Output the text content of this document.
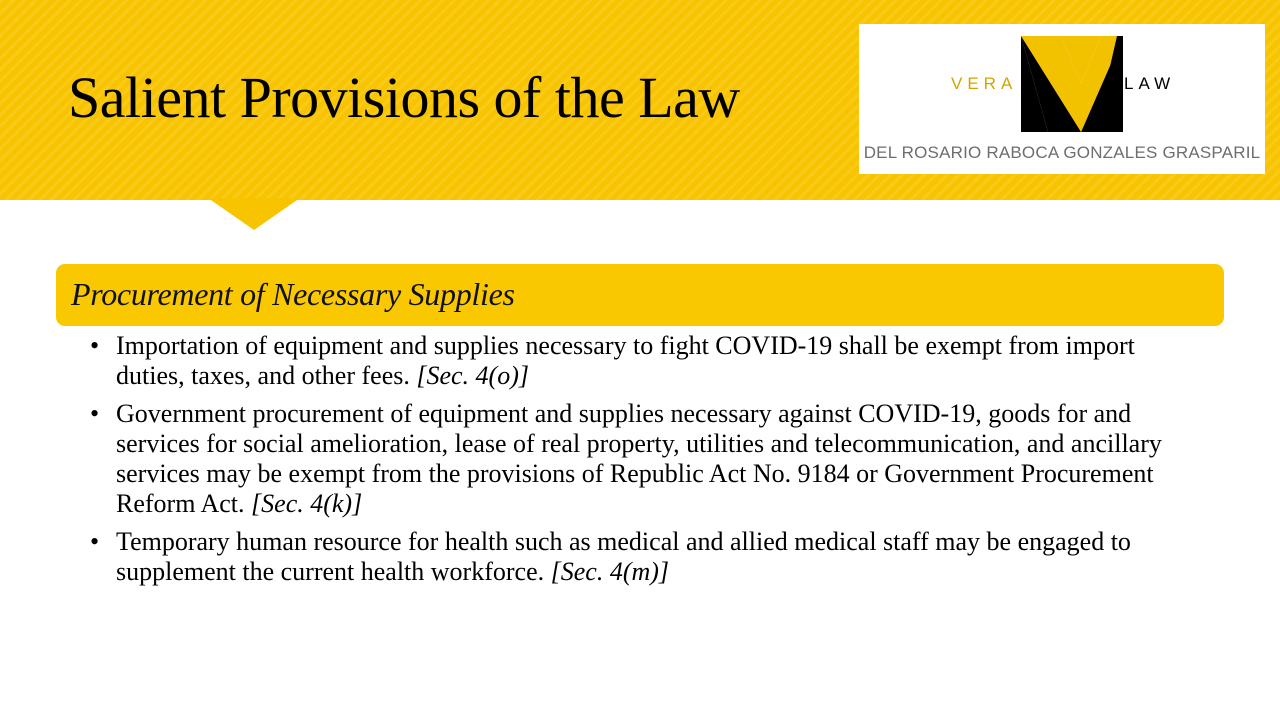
Salient Provisions of the Law	VERA	LAW
DEL ROSARIO RABOCA GONZALES GRASPARIL
Procurement of Necessary Supplies
• Importation of equipment and supplies necessary to fight COVID-19 shall be exempt from import duties, taxes, and other fees. [Sec. 4(o)]
• Government procurement of equipment and supplies necessary against COVID-19, goods for and services for social amelioration, lease of real property, utilities and telecommunication, and ancillary services may be exempt from the provisions of Republic Act No. 9184 or Government Procurement Reform Act. [Sec. 4(k)]
• Temporary human resource for health such as medical and allied medical staff may be engaged to supplement the current health workforce. [Sec. 4(m)]
